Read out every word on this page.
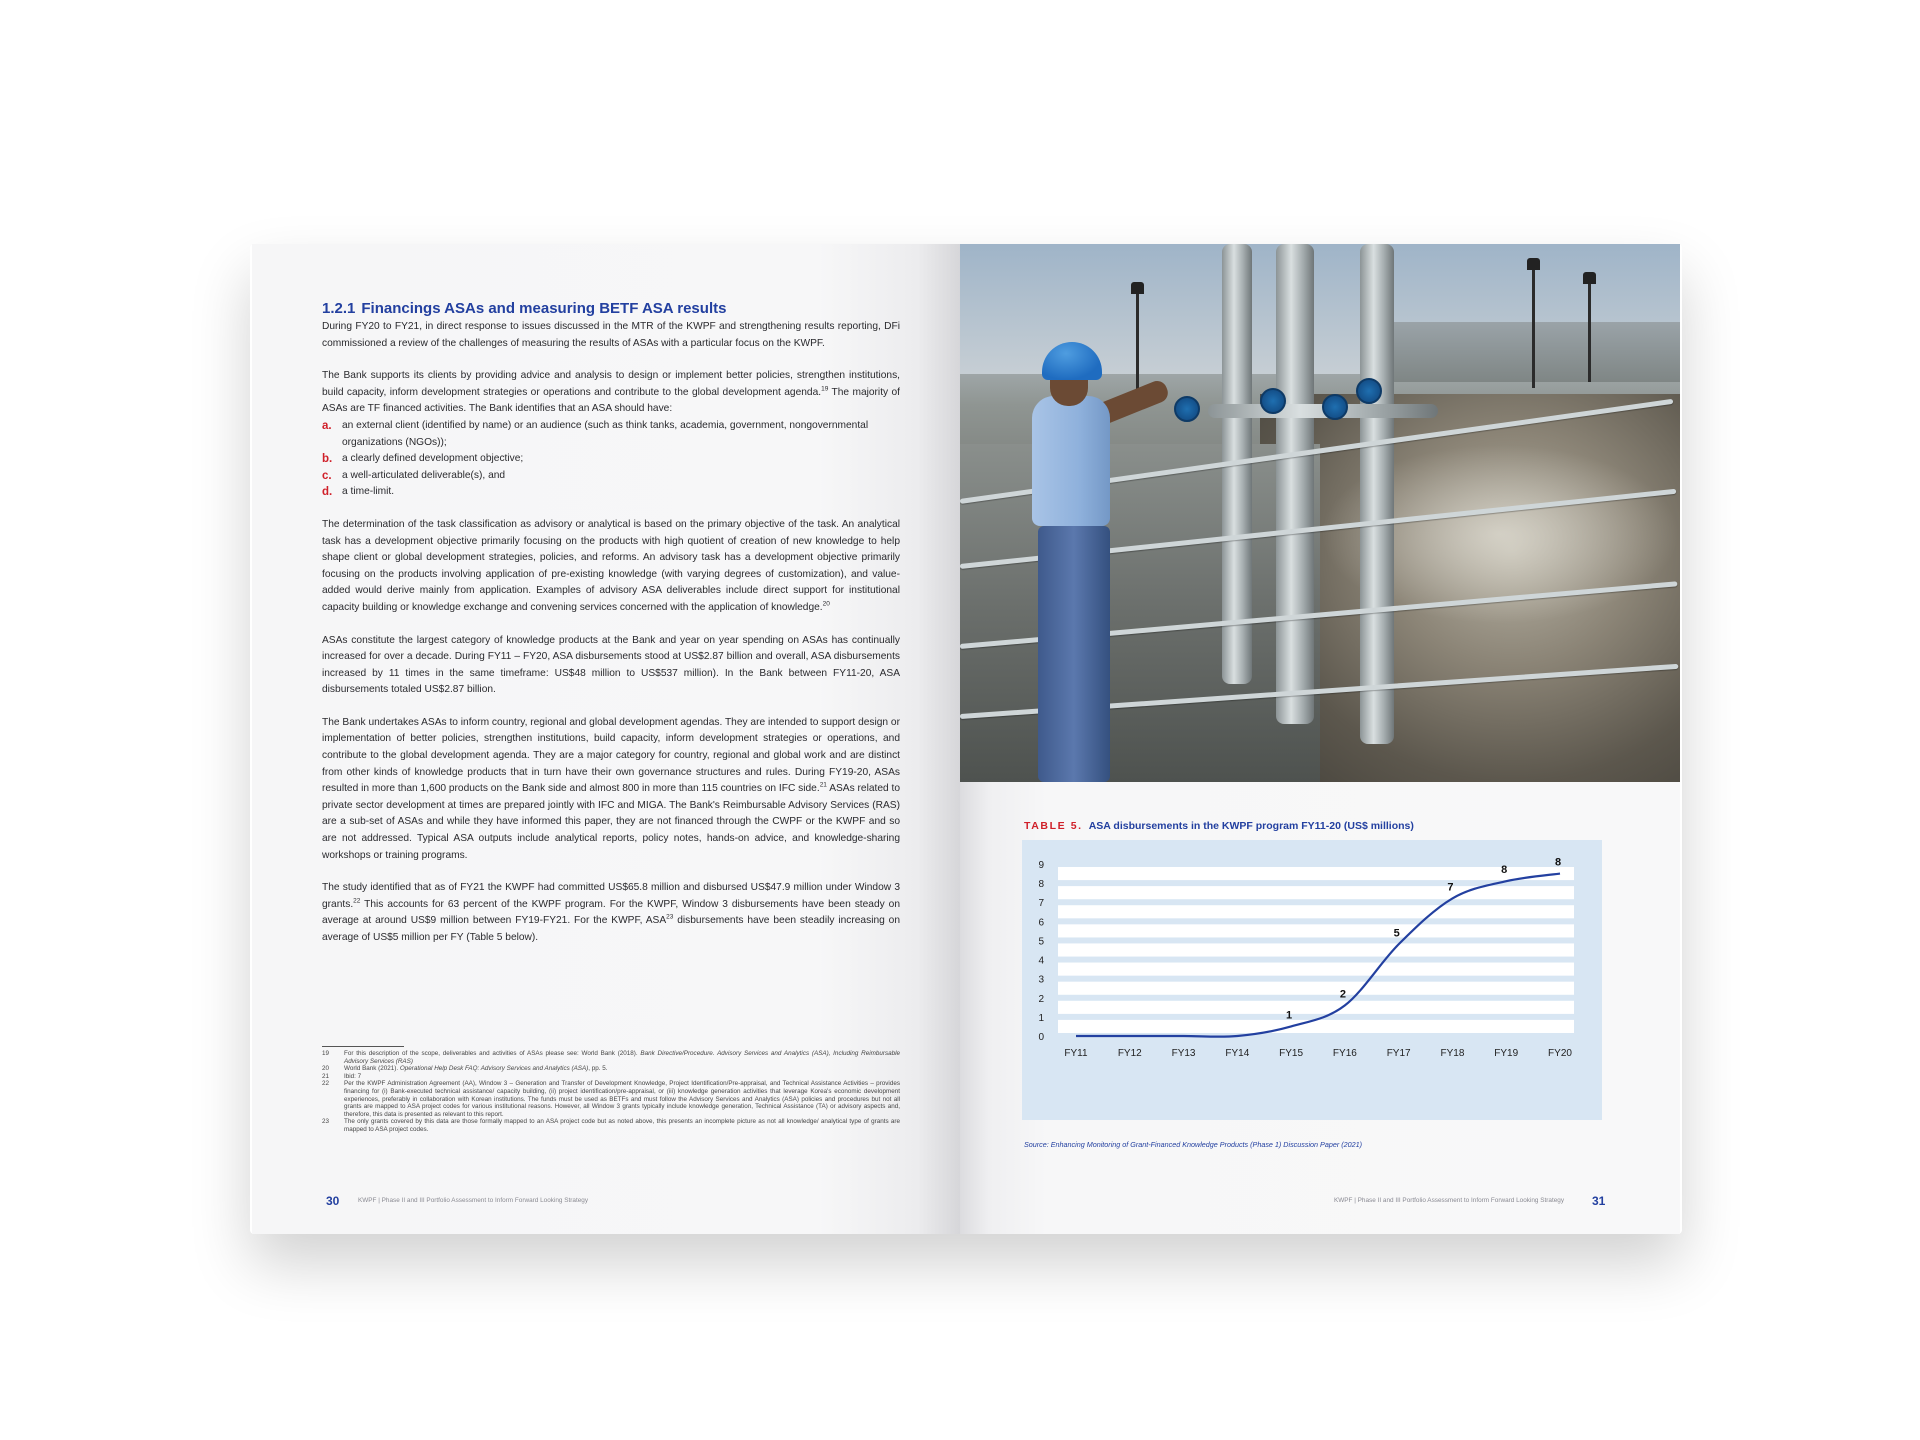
1.2.1 Financings ASAs and measuring BETF ASA results

During FY20 to FY21, in direct response to issues discussed in the MTR of the KWPF and strengthening results reporting, DFi commissioned a review of the challenges of measuring the results of ASAs with a particular focus on the KWPF.

The Bank supports its clients by providing advice and analysis to design or implement better policies, strengthen institutions, build capacity, inform development strategies or operations and contribute to the global development agenda.$^{19}$ The majority of ASAs are TF financed activities. The Bank identifies that an ASA should have:

a.	an external client (identified by name) or an audience (such as think tanks, academia, government, nongovernmental organizations (NGOs));
b. a clearly defined development objective;
c.	a well-articulated deliverable(s), and
d. a time-limit.

The determination of the task classification as advisory or analytical is based on the primary objective of the task. An analytical task has a development objective primarily focusing on the products with high quotient of creation of new knowledge to help shape client or global development strategies, policies, and reforms. An advisory task has a development objective primarily focusing on the products involving application of pre-existing knowledge (with varying degrees of customization), and value-added would derive mainly from application. Examples of advisory ASA deliverables include direct support for institutional capacity building or knowledge exchange and convening services concerned with the application of knowledge.$^{20}$

ASAs constitute the largest category of knowledge products at the Bank and year on year spending on ASAs has continually increased for over a decade. During FY11 – FY20, ASA disbursements stood at US$2.87 billion and overall, ASA disbursements increased by 11 times in the same timeframe: US$48 million to US$537 million). In the Bank between FY11-20, ASA disbursements totaled US$2.87 billion.

The Bank undertakes ASAs to inform country, regional and global development agendas. They are intended to support design or implementation of better policies, strengthen institutions, build capacity, inform development strategies or operations, and contribute to the global development agenda. They are a major category for country, regional and global work and are distinct from other kinds of knowledge products that in turn have their own governance structures and rules. During FY19-20, ASAs resulted in more than 1,600 products on the Bank side and almost 800 in more than 115 countries on IFC side.$^{21}$ ASAs related to private sector development at times are prepared jointly with IFC and MIGA. The Bank's Reimbursable Advisory Services (RAS) are a sub-set of ASAs and while they have informed this paper, they are not financed through the CWPF or the KWPF and so are not addressed. Typical ASA outputs include analytical reports, policy notes, hands-on advice, and knowledge-sharing workshops or training programs.

The study identified that as of FY21 the KWPF had committed US$65.8 million and disbursed US$47.9 million under Window 3 grants.$^{22}$ This accounts for 63 percent of the KWPF program. For the KWPF, Window 3 disbursements have been steady on average at around US$9 million between FY19-FY21. For the KWPF, ASA$^{23}$ disbursements have been steadily increasing on average of US$5 million per FY (Table 5 below).

19	For this description of the scope, deliverables and activities of ASAs please see: World Bank (2018). Bank Directive/Procedure. Advisory Services and Analytics (ASA), Including Reimbursable Advisory Services (RAS)
20	World Bank (2021). Operational Help Desk FAQ: Advisory Services and Analytics (ASA), pp. 5.
21	Ibid: 7
22	Per the KWPF Administration Agreement (AA), Window 3 – Generation and Transfer of Development Knowledge, Project Identification/Pre-appraisal, and Technical Assistance Activities – provides financing for (i) Bank-executed technical assistance/ capacity building, (ii) project identification/pre-appraisal, or (iii) knowledge generation activities that leverage Korea's economic development experiences, preferably in collaboration with Korean institutions. The funds must be used as BETFs and must follow the Advisory Services and Analytics (ASA) policies and procedures but not all grants are mapped to ASA project codes for various institutional reasons. However, all Window 3 grants typically include knowledge generation, Technical Assistance (TA) or advisory aspects and, therefore, this data is presented as relevant to this report.
23	The only grants covered by this data are those formally mapped to an ASA project code but as noted above, this presents an incomplete picture as not all knowledge/ analytical type of grants are mapped to ASA project codes.
30	KWPF | Phase II and III Portfolio Assessment to Inform Forward Looking Strategy
TABLE 5. ASA disbursements in the KWPF program FY11-20 (US$ millions)
0
1
2
3
4
5
6
7
8
9
FY11	FY12	FY13	FY14	FY15	FY16	FY17	FY18	FY19	FY20
1
2
5
7
8
8
Source: Enhancing Monitoring of Grant-Financed Knowledge Products (Phase 1) Discussion Paper (2021)
KWPF | Phase II and III Portfolio Assessment to Inform Forward Looking Strategy 31
